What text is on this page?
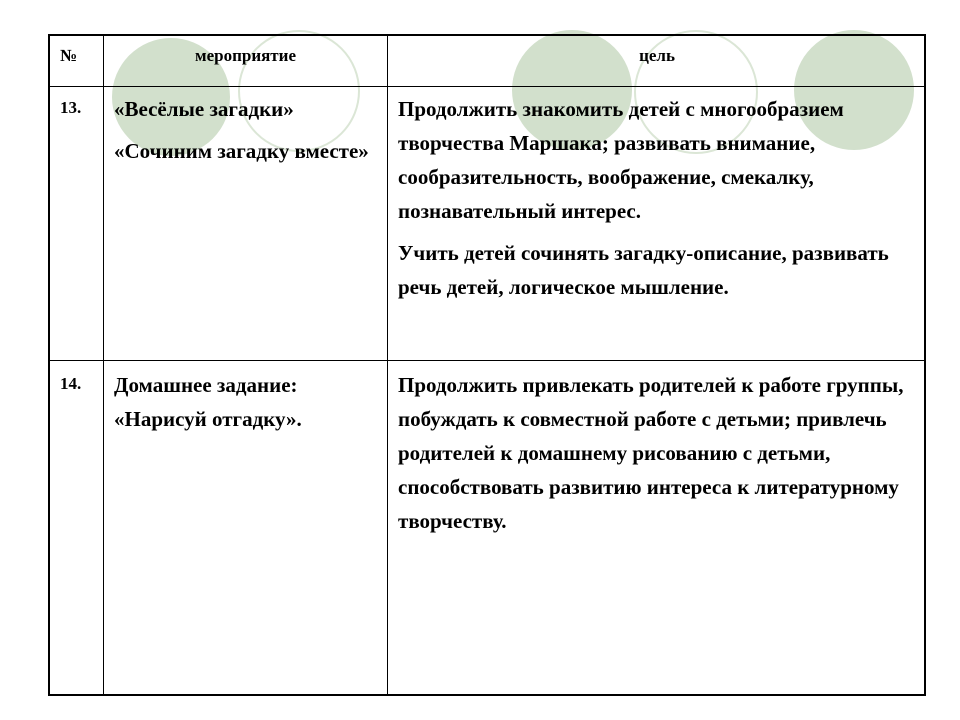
№	мероприятие	цель
13. «Весёлые загадки»

«Сочиним загадку вместе»

Продолжить знакомить детей с многообразием творчества Маршака; развивать внимание, сообразительность, воображение, смекалку, познавательный интерес.

Учить детей сочинять загадку-описание, развивать речь детей, логическое мышление.

14. Домашнее задание: «Нарисуй отгадку».

Продолжить привлекать родителей к работе группы, побуждать к совместной работе с детьми; привлечь родителей к домашнему рисованию с детьми, способствовать развитию интереса к литературному творчеству.
